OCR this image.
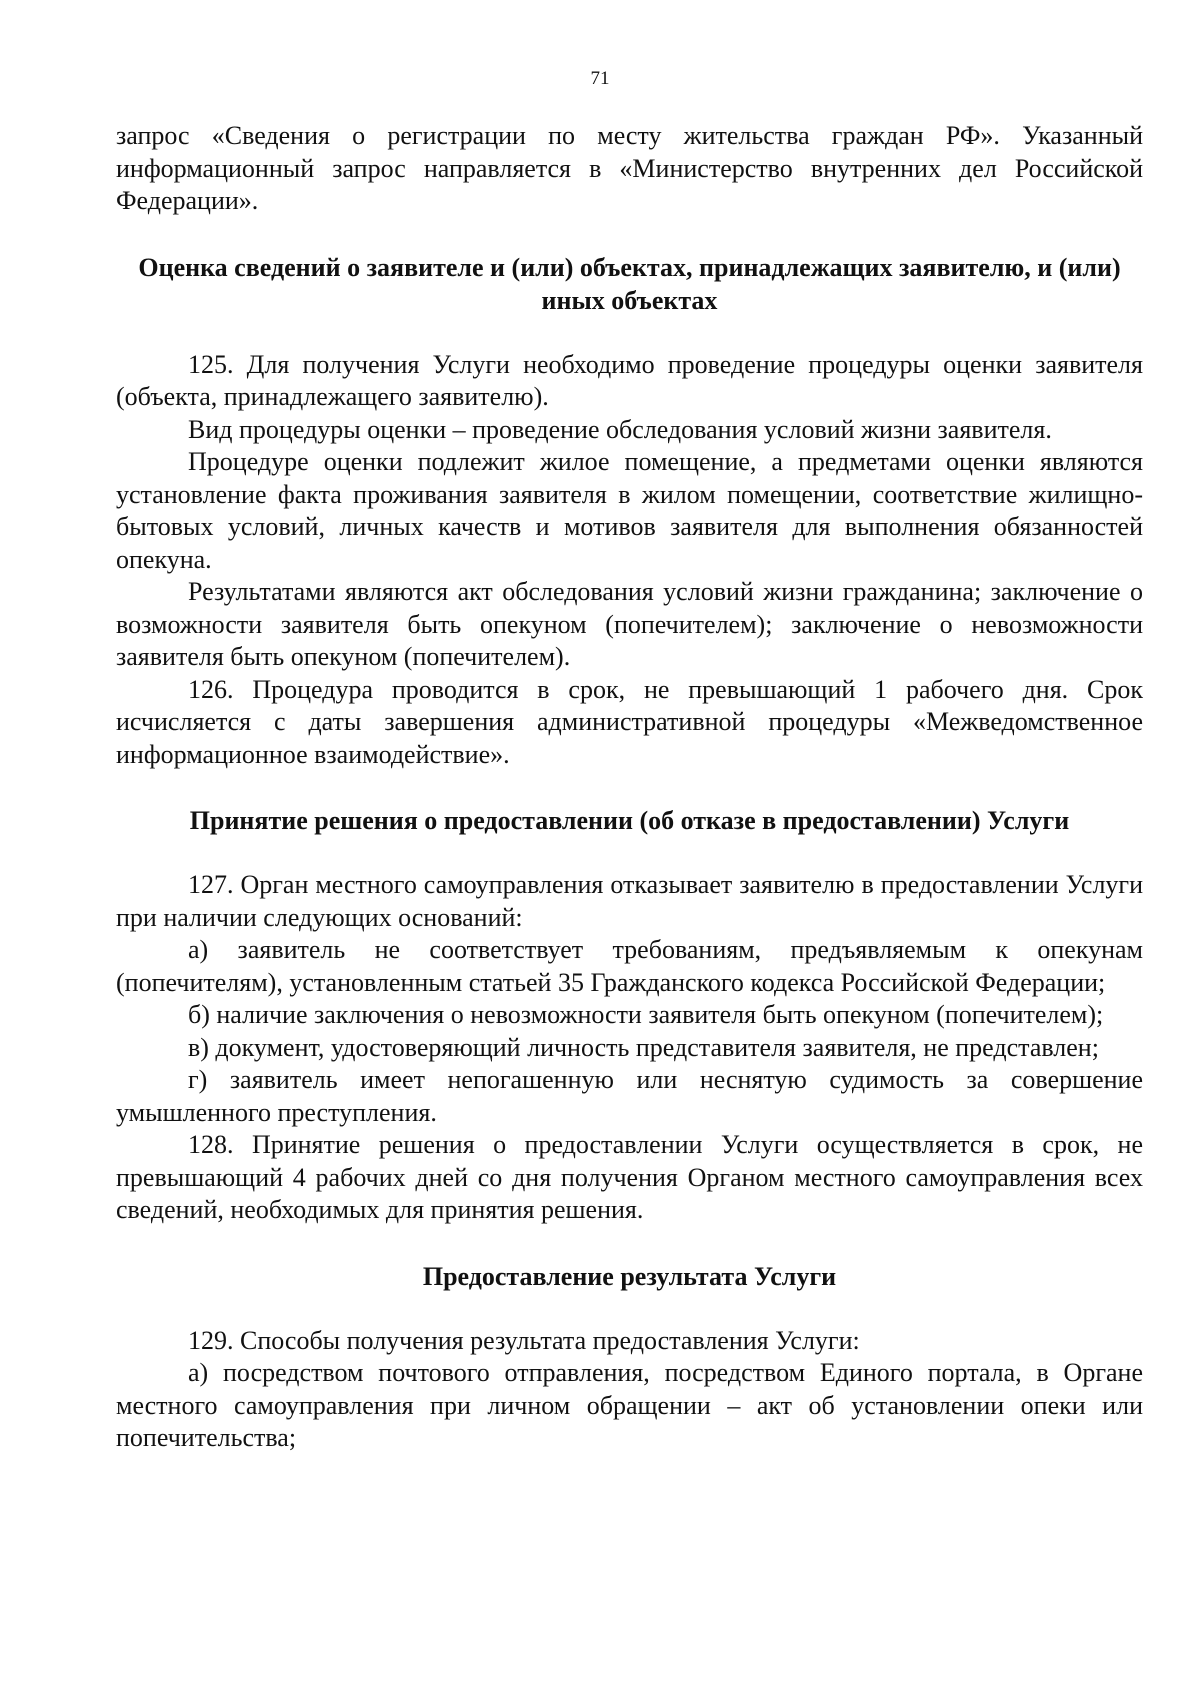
71

запрос «Сведения о регистрации по месту жительства граждан РФ». Указанный информационный запрос направляется в «Министерство внутренних дел Российской Федерации».

Оценка сведений о заявителе и (или) объектах, принадлежащих заявителю, и (или) иных объектах

125. Для получения Услуги необходимо проведение процедуры оценки заявителя (объекта, принадлежащего заявителю).

Вид процедуры оценки – проведение обследования условий жизни заявителя.

Процедуре оценки подлежит жилое помещение, а предметами оценки являются установление факта проживания заявителя в жилом помещении, соответствие жилищно-бытовых условий, личных качеств и мотивов заявителя для выполнения обязанностей опекуна.

Результатами являются акт обследования условий жизни гражданина; заключение о возможности заявителя быть опекуном (попечителем); заключение о невозможности заявителя быть опекуном (попечителем).

126. Процедура проводится в срок, не превышающий 1 рабочего дня. Срок исчисляется с даты завершения административной процедуры «Межведомственное информационное взаимодействие».

Принятие решения о предоставлении (об отказе в предоставлении) Услуги

127. Орган местного самоуправления отказывает заявителю в предоставлении Услуги при наличии следующих оснований:

а) заявитель не соответствует требованиям, предъявляемым к опекунам (попечителям), установленным статьей 35 Гражданского кодекса Российской Федерации;

б) наличие заключения о невозможности заявителя быть опекуном (попечителем);

в) документ, удостоверяющий личность представителя заявителя, не представлен;

г) заявитель имеет непогашенную или неснятую судимость за совершение умышленного преступления.

128. Принятие решения о предоставлении Услуги осуществляется в срок, не превышающий 4 рабочих дней со дня получения Органом местного самоуправления всех сведений, необходимых для принятия решения.

Предоставление результата Услуги

129. Способы получения результата предоставления Услуги:

а) посредством почтового отправления, посредством Единого портала, в Органе местного самоуправления при личном обращении – акт об установлении опеки или попечительства;
